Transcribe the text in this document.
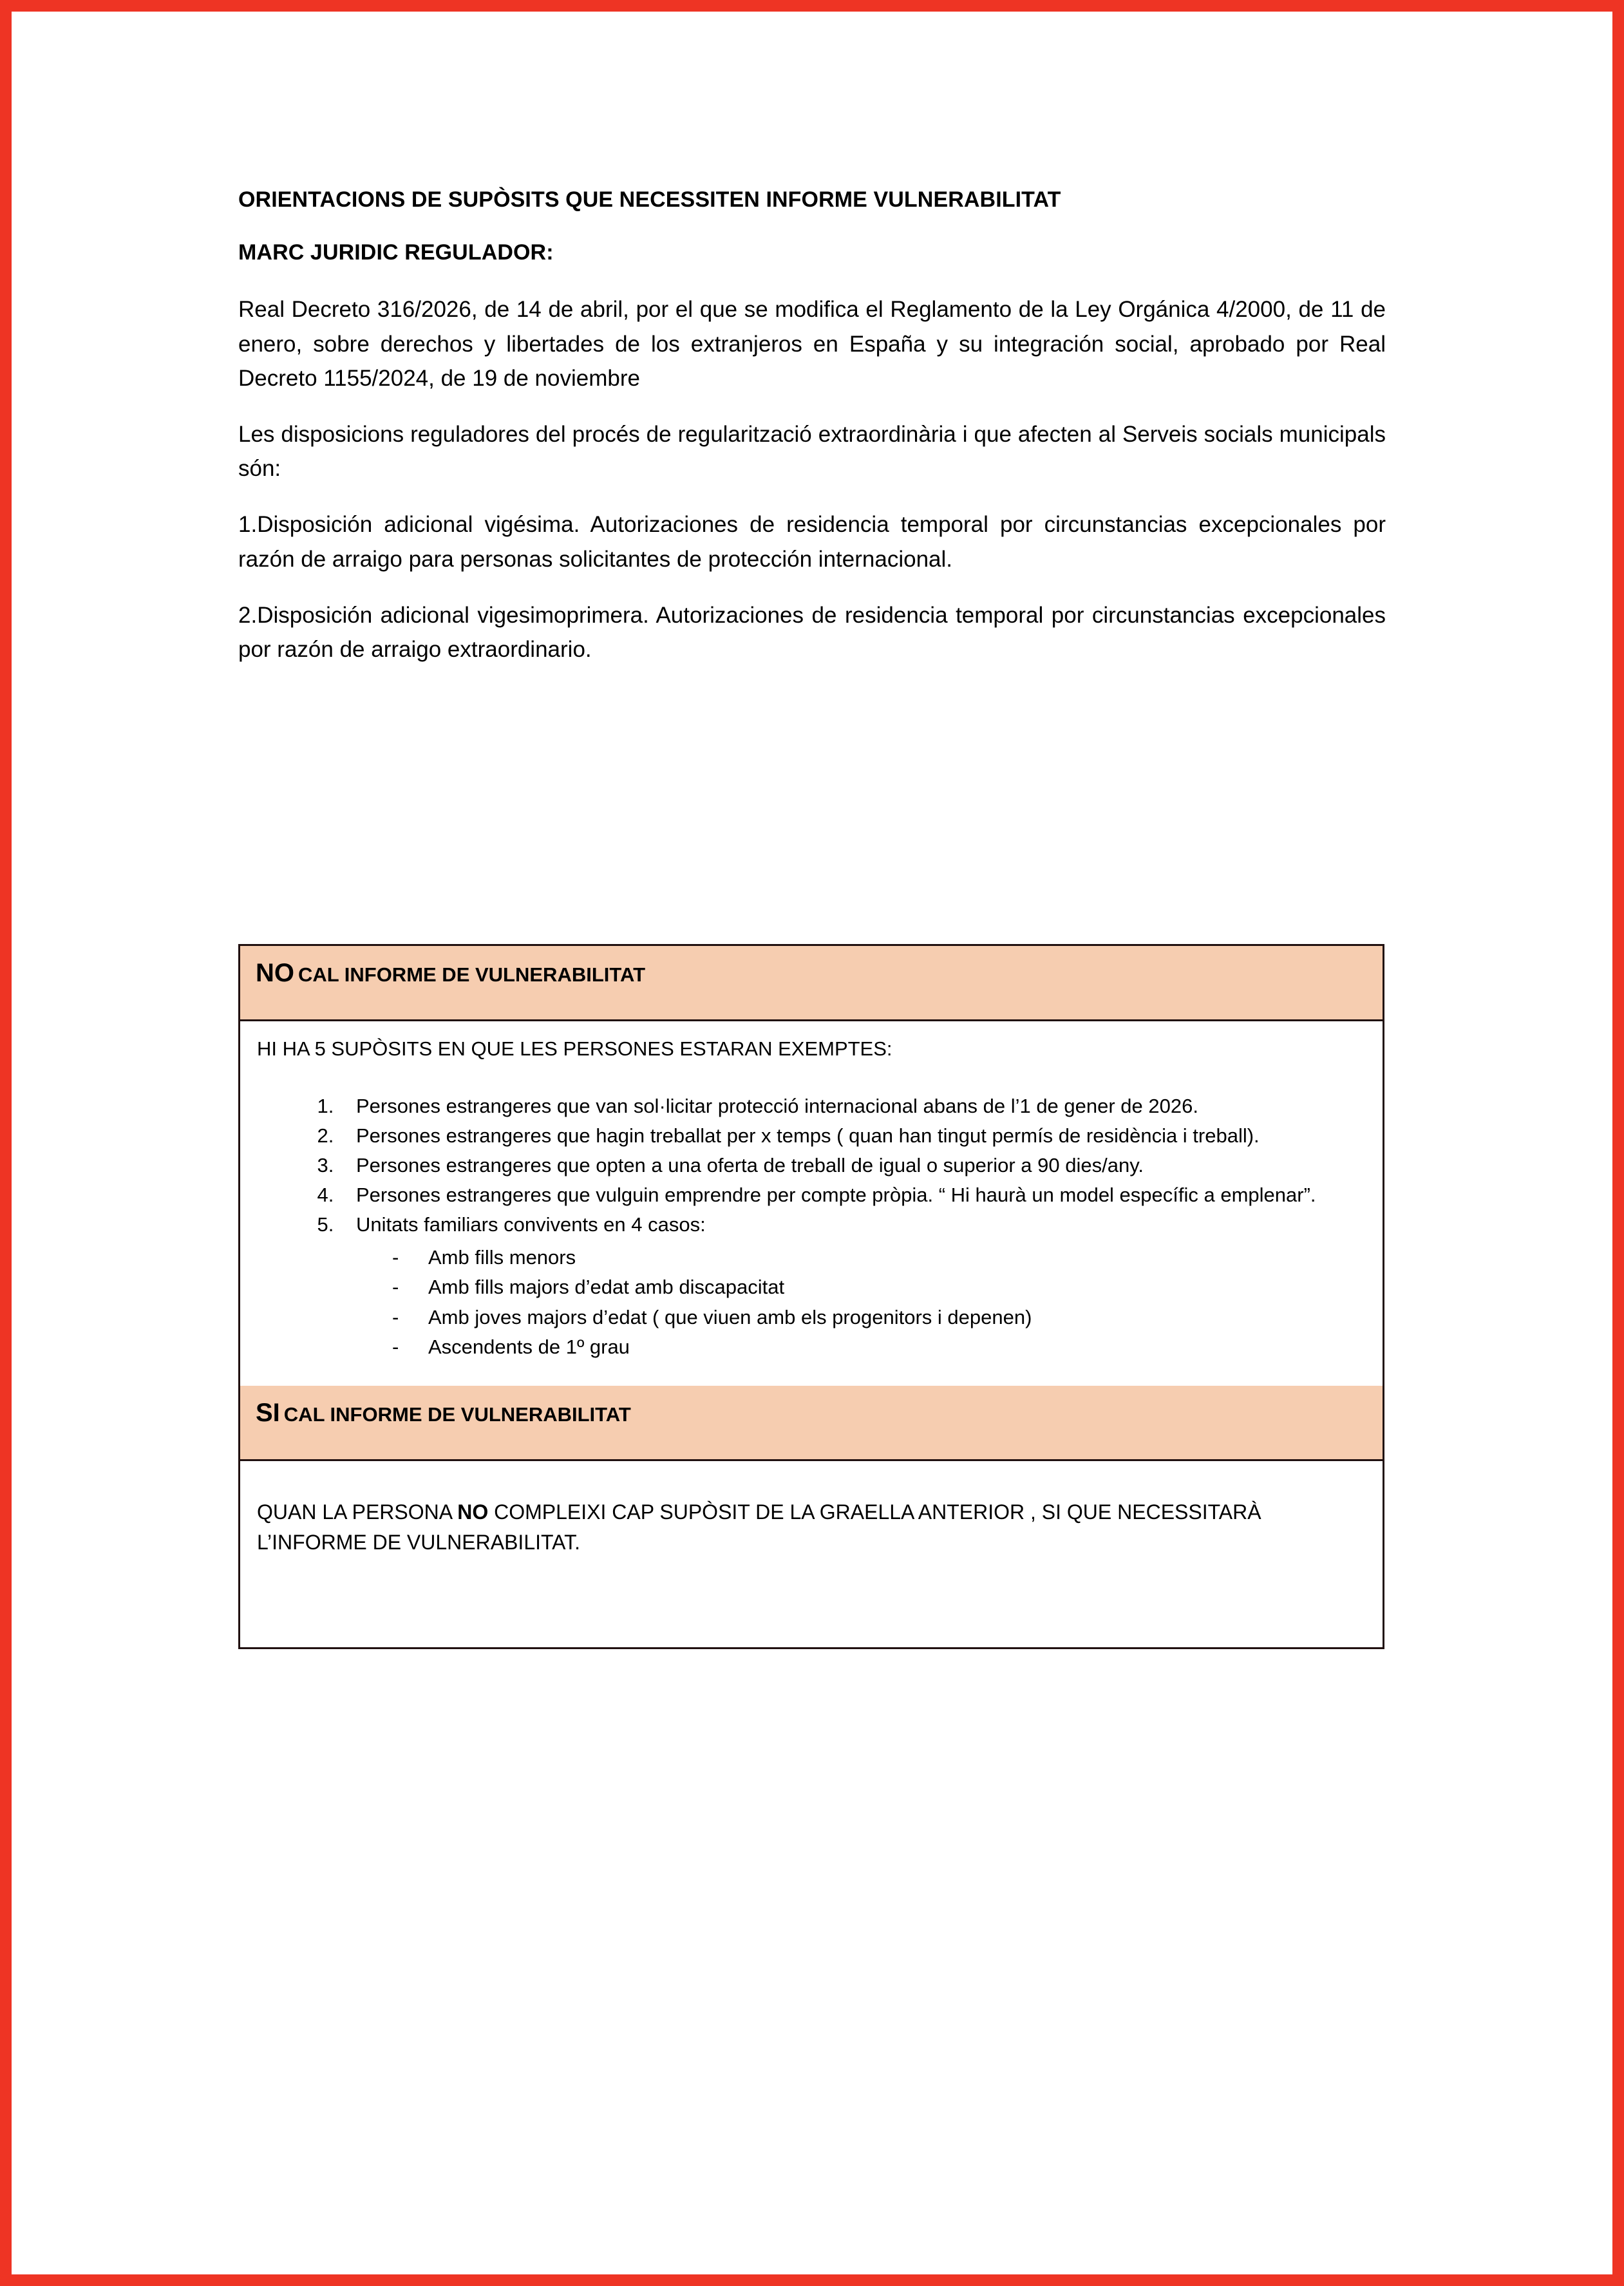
ORIENTACIONS DE SUPÒSITS QUE NECESSITEN INFORME VULNERABILITAT

MARC JURIDIC REGULADOR:

Real Decreto 316/2026, de 14 de abril, por el que se modifica el Reglamento de la Ley Orgánica 4/2000, de 11 de enero, sobre derechos y libertades de los extranjeros en España y su integración social, aprobado por Real Decreto 1155/2024, de 19 de noviembre

Les disposicions reguladores del procés de regularització extraordinària i que afecten al Serveis socials municipals són:

1.Disposición adicional vigésima. Autorizaciones de residencia temporal por circunstancias excepcionales por razón de arraigo para personas solicitantes de protección internacional.

2.Disposición adicional vigesimoprimera. Autorizaciones de residencia temporal por circunstancias excepcionales por razón de arraigo extraordinario.

NO CAL INFORME DE VULNERABILITAT

HI HA 5 SUPÒSITS EN QUE LES PERSONES ESTARAN EXEMPTES:

1. Persones estrangeres que van sol·licitar protecció internacional abans de l’1 de gener de 2026.
2. Persones estrangeres que hagin treballat per x temps ( quan han tingut permís de residència i treball).
3. Persones estrangeres que opten a una oferta de treball de igual o superior a 90 dies/any.
4. Persones estrangeres que vulguin emprendre per compte pròpia. “ Hi haurà un model específic a emplenar”.
5. Unitats familiars convivents en 4 casos:
- Amb fills menors
- Amb fills majors d’edat amb discapacitat
- Amb joves majors d’edat ( que viuen amb els progenitors i depenen)
- Ascendents de 1º grau
SI CAL INFORME DE VULNERABILITAT

QUAN LA PERSONA NO COMPLEIXI CAP SUPÒSIT DE LA GRAELLA ANTERIOR , SI QUE NECESSITARÀ L’INFORME DE VULNERABILITAT.
